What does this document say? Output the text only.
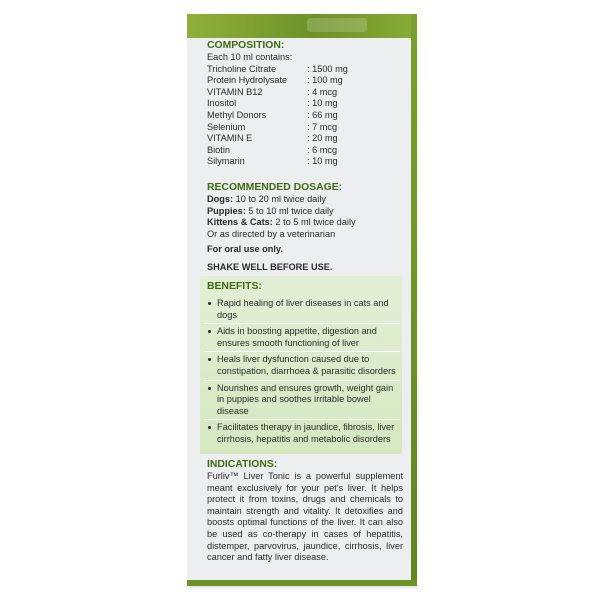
COMPOSITION:

Each 10 ml contains:

Tricholine Citrate	: 1500 mg
Protein Hydrolysate	: 100 mg
VITAMIN B12	: 4 mcg
Inositol	: 10 mg
Methyl Donors	: 66 mg
Selenium	: 7 mcg
VITAMIN E	: 20 mg
Biotin	: 6 mcg
Silymarin	: 10 mg

RECOMMENDED DOSAGE:

Dogs: 10 to 20 ml twice daily

Puppies: 5 to 10 ml twice daily

Kittens & Cats: 2 to 5 ml twice daily

Or as directed by a veterinarian

For oral use only.

SHAKE WELL BEFORE USE.

BENEFITS:

Rapid healing of liver diseases in cats and dogs
Aids in boosting appetite, digestion and ensures smooth functioning of liver
Heals liver dysfunction caused due to constipation, diarrhoea & parasitic disorders
Nourishes and ensures growth, weight gain in puppies and soothes irritable bowel disease
Facilitates therapy in jaundice, fibrosis, liver cirrhosis, hepatitis and metabolic disorders

INDICATIONS:

Furliv™ Liver Tonic is a powerful supplement meant exclusively for your pet's liver. It helps protect it from toxins, drugs and chemicals to maintain strength and vitality. It detoxifies and boosts optimal functions of the liver. It can also be used as co-therapy in cases of hepatitis, distemper, parvovirus, jaundice, cirrhosis, liver cancer and fatty liver disease.
